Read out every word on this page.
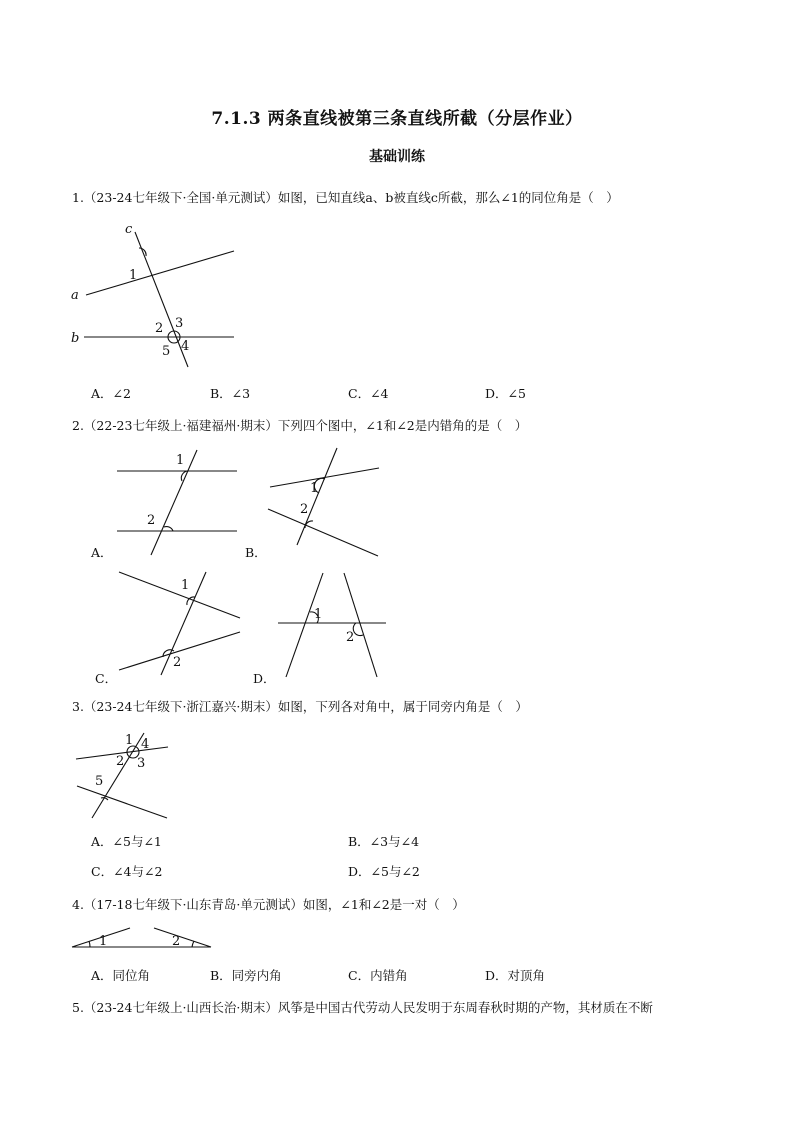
7.1.3 两条直线被第三条直线所截（分层作业）
基础训练
1.（23-24七年级下·全国·单元测试）如图，已知直线a、b被直线c所截，那么∠1的同位角是（　）
c
a
b
1
2 3
5 4
A．∠2	B．∠3	C．∠4	D．∠5
2.（22-23七年级上·福建福州·期末）下列四个图中，∠1和∠2是内错角的是（　）
1
2
A．
1
2
B．
1
2
C．
1
2
D．
3.（23-24七年级下·浙江嘉兴·期末）如图，下列各对角中，属于同旁内角是（　）
1 4
2 3
5
A．∠5与∠1	B．∠3与∠4
C．∠4与∠2	D．∠5与∠2
4.（17-18七年级下·山东青岛·单元测试）如图，∠1和∠2是一对（　）
1	2
A．同位角	B．同旁内角	C．内错角	D．对顶角
5.（23-24七年级上·山西长治·期末）风筝是中国古代劳动人民发明于东周春秋时期的产物，其材质在不断
